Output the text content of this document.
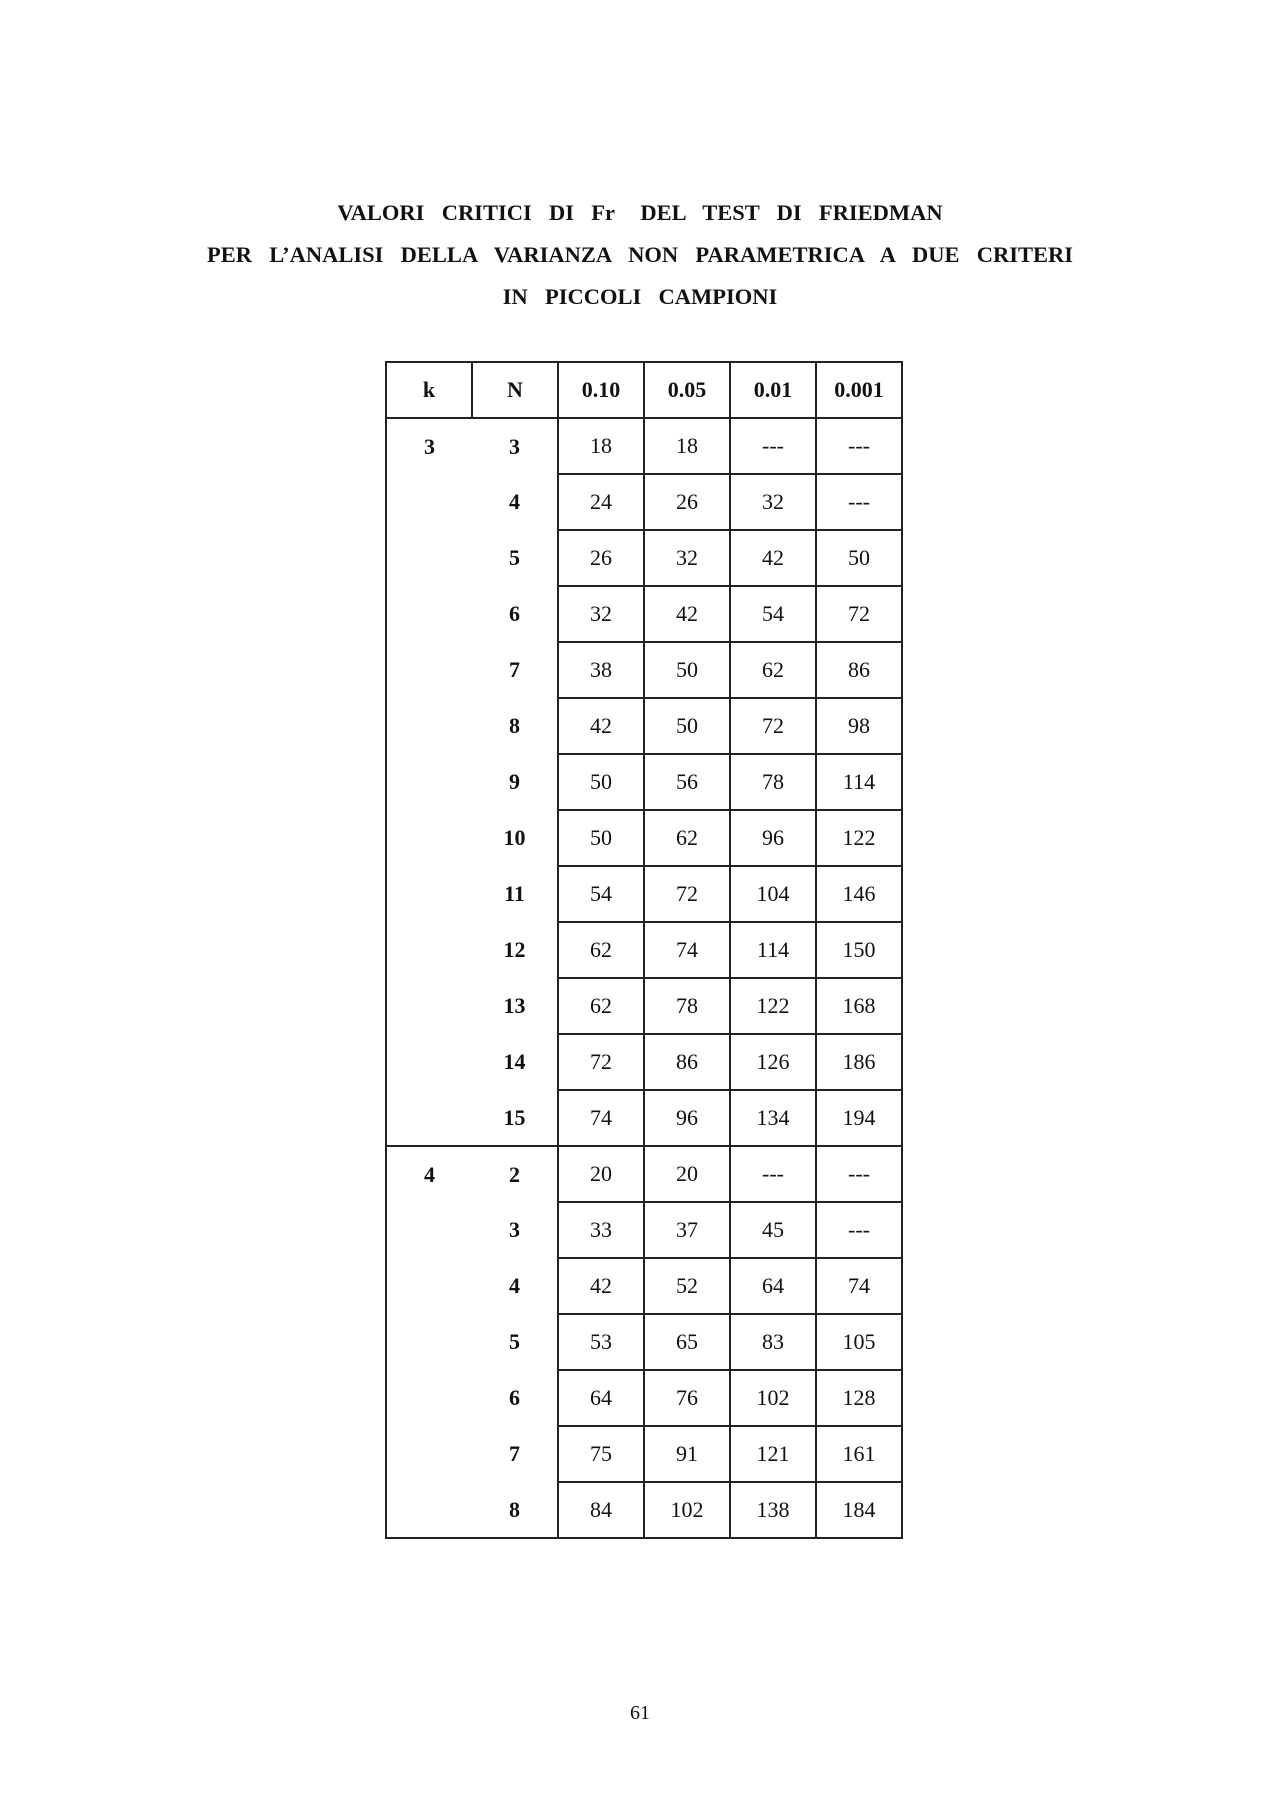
VALORI  CRITICI  DI  Fr   DEL  TEST  DI  FRIEDMAN
PER  L’ANALISI  DELLA  VARIANZA  NON  PARAMETRICA  A  DUE  CRITERI
IN  PICCOLI  CAMPIONI
k	N	0.10	0.05	0.01	0.001
3	3	18	18	---	---
	4	24	26	32	---
	5	26	32	42	50
	6	32	42	54	72
	7	38	50	62	86
	8	42	50	72	98
	9	50	56	78	114
	10	50	62	96	122
	11	54	72	104	146
	12	62	74	114	150
	13	62	78	122	168
	14	72	86	126	186
	15	74	96	134	194
4	2	20	20	---	---
	3	33	37	45	---
	4	42	52	64	74
	5	53	65	83	105
	6	64	76	102	128
	7	75	91	121	161
	8	84	102	138	184
61
